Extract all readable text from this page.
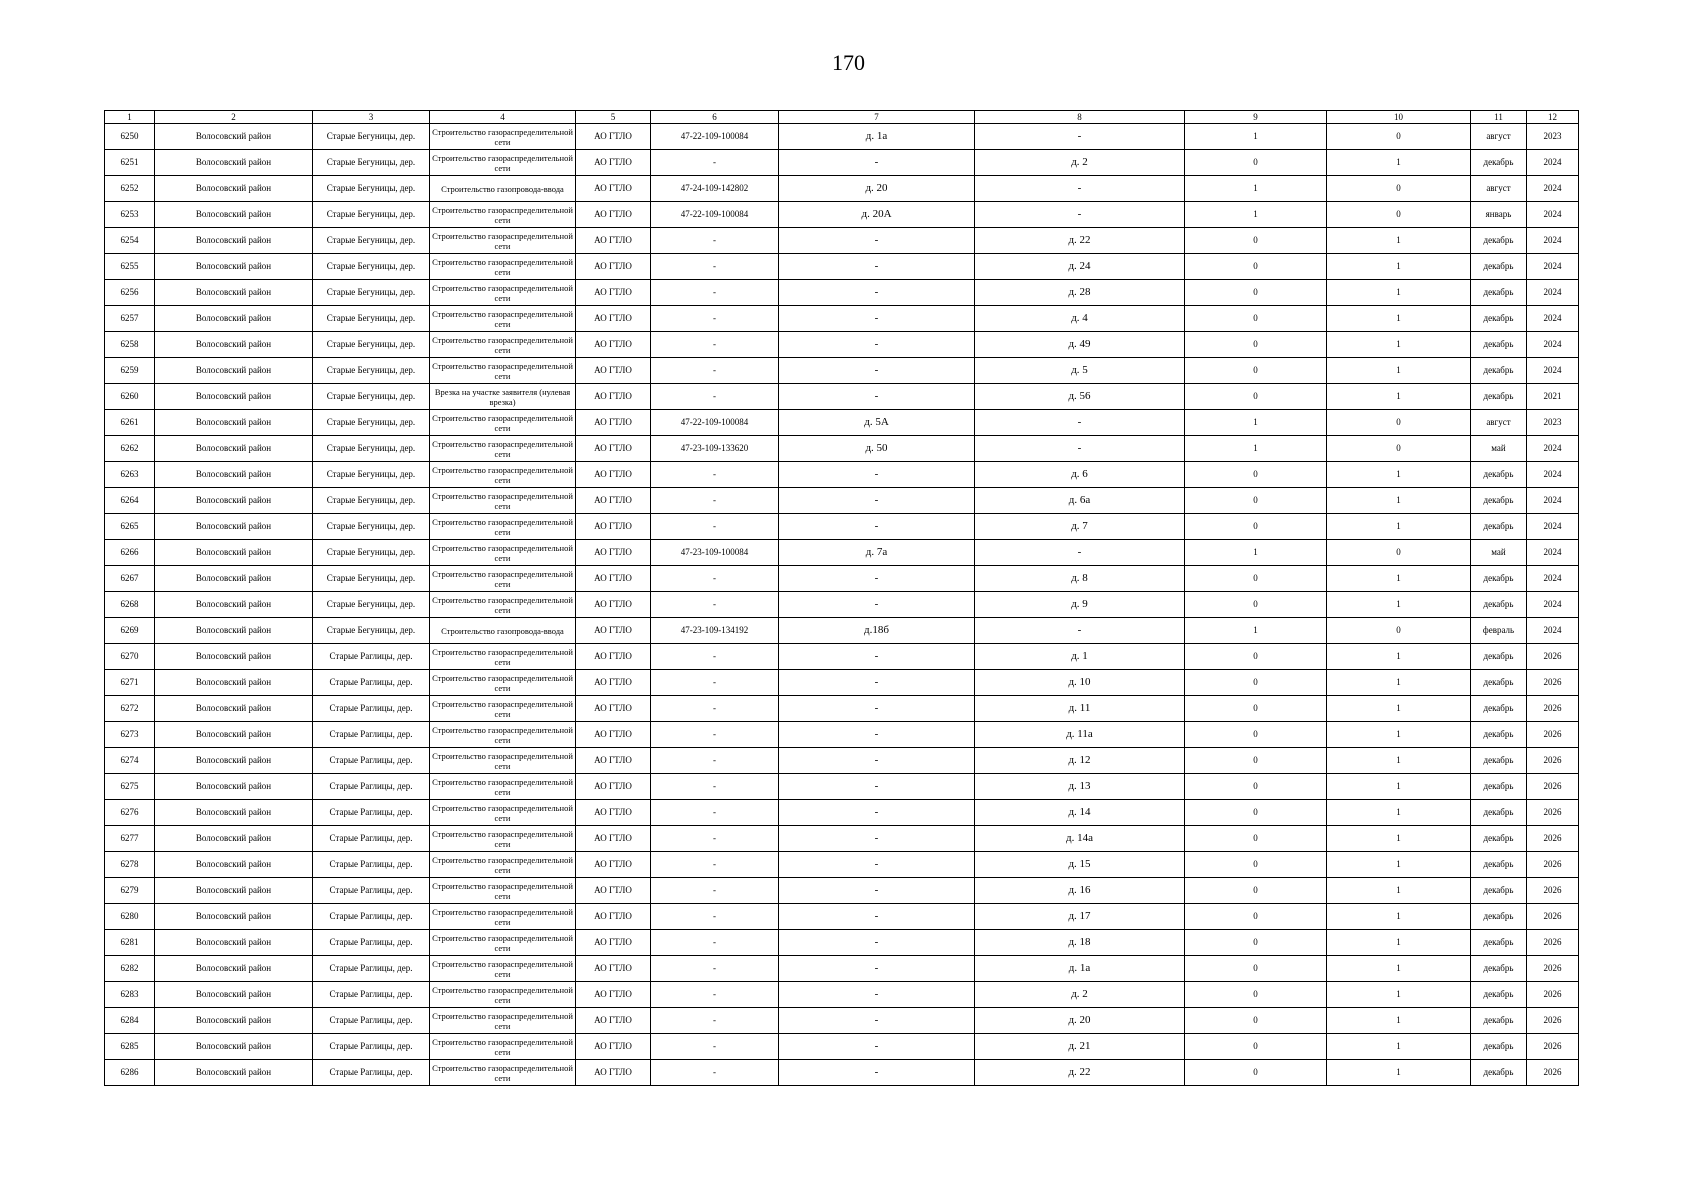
170
1	2	3	4	5	6	7	8	9	10	11	12
6250	Волосовский район	Старые Бегуницы, дер.	Строительство газораспределительной сети	АО ГТЛО	47-22-109-100084	д. 1а	-	1	0	август	2023
6251	Волосовский район	Старые Бегуницы, дер.	Строительство газораспределительной сети	АО ГТЛО	-	-	д. 2	0	1	декабрь	2024
6252	Волосовский район	Старые Бегуницы, дер.	Строительство газопровода-ввода	АО ГТЛО	47-24-109-142802	д. 20	-	1	0	август	2024
6253	Волосовский район	Старые Бегуницы, дер.	Строительство газораспределительной сети	АО ГТЛО	47-22-109-100084	д. 20А	-	1	0	январь	2024
6254	Волосовский район	Старые Бегуницы, дер.	Строительство газораспределительной сети	АО ГТЛО	-	-	д. 22	0	1	декабрь	2024
6255	Волосовский район	Старые Бегуницы, дер.	Строительство газораспределительной сети	АО ГТЛО	-	-	д. 24	0	1	декабрь	2024
6256	Волосовский район	Старые Бегуницы, дер.	Строительство газораспределительной сети	АО ГТЛО	-	-	д. 28	0	1	декабрь	2024
6257	Волосовский район	Старые Бегуницы, дер.	Строительство газораспределительной сети	АО ГТЛО	-	-	д. 4	0	1	декабрь	2024
6258	Волосовский район	Старые Бегуницы, дер.	Строительство газораспределительной сети	АО ГТЛО	-	-	д. 49	0	1	декабрь	2024
6259	Волосовский район	Старые Бегуницы, дер.	Строительство газораспределительной сети	АО ГТЛО	-	-	д. 5	0	1	декабрь	2024
6260	Волосовский район	Старые Бегуницы, дер.	Врезка на участке заявителя (нулевая врезка)	АО ГТЛО	-	-	д. 56	0	1	декабрь	2021
6261	Волосовский район	Старые Бегуницы, дер.	Строительство газораспределительной сети	АО ГТЛО	47-22-109-100084	д. 5А	-	1	0	август	2023
6262	Волосовский район	Старые Бегуницы, дер.	Строительство газораспределительной сети	АО ГТЛО	47-23-109-133620	д. 50	-	1	0	май	2024
6263	Волосовский район	Старые Бегуницы, дер.	Строительство газораспределительной сети	АО ГТЛО	-	-	д. 6	0	1	декабрь	2024
6264	Волосовский район	Старые Бегуницы, дер.	Строительство газораспределительной сети	АО ГТЛО	-	-	д. 6а	0	1	декабрь	2024
6265	Волосовский район	Старые Бегуницы, дер.	Строительство газораспределительной сети	АО ГТЛО	-	-	д. 7	0	1	декабрь	2024
6266	Волосовский район	Старые Бегуницы, дер.	Строительство газораспределительной сети	АО ГТЛО	47-23-109-100084	д. 7а	-	1	0	май	2024
6267	Волосовский район	Старые Бегуницы, дер.	Строительство газораспределительной сети	АО ГТЛО	-	-	д. 8	0	1	декабрь	2024
6268	Волосовский район	Старые Бегуницы, дер.	Строительство газораспределительной сети	АО ГТЛО	-	-	д. 9	0	1	декабрь	2024
6269	Волосовский район	Старые Бегуницы, дер.	Строительство газопровода-ввода	АО ГТЛО	47-23-109-134192	д.18б	-	1	0	февраль	2024
6270	Волосовский район	Старые Раглицы, дер.	Строительство газораспределительной сети	АО ГТЛО	-	-	д. 1	0	1	декабрь	2026
6271	Волосовский район	Старые Раглицы, дер.	Строительство газораспределительной сети	АО ГТЛО	-	-	д. 10	0	1	декабрь	2026
6272	Волосовский район	Старые Раглицы, дер.	Строительство газораспределительной сети	АО ГТЛО	-	-	д. 11	0	1	декабрь	2026
6273	Волосовский район	Старые Раглицы, дер.	Строительство газораспределительной сети	АО ГТЛО	-	-	д. 11а	0	1	декабрь	2026
6274	Волосовский район	Старые Раглицы, дер.	Строительство газораспределительной сети	АО ГТЛО	-	-	д. 12	0	1	декабрь	2026
6275	Волосовский район	Старые Раглицы, дер.	Строительство газораспределительной сети	АО ГТЛО	-	-	д. 13	0	1	декабрь	2026
6276	Волосовский район	Старые Раглицы, дер.	Строительство газораспределительной сети	АО ГТЛО	-	-	д. 14	0	1	декабрь	2026
6277	Волосовский район	Старые Раглицы, дер.	Строительство газораспределительной сети	АО ГТЛО	-	-	д. 14а	0	1	декабрь	2026
6278	Волосовский район	Старые Раглицы, дер.	Строительство газораспределительной сети	АО ГТЛО	-	-	д. 15	0	1	декабрь	2026
6279	Волосовский район	Старые Раглицы, дер.	Строительство газораспределительной сети	АО ГТЛО	-	-	д. 16	0	1	декабрь	2026
6280	Волосовский район	Старые Раглицы, дер.	Строительство газораспределительной сети	АО ГТЛО	-	-	д. 17	0	1	декабрь	2026
6281	Волосовский район	Старые Раглицы, дер.	Строительство газораспределительной сети	АО ГТЛО	-	-	д. 18	0	1	декабрь	2026
6282	Волосовский район	Старые Раглицы, дер.	Строительство газораспределительной сети	АО ГТЛО	-	-	д. 1а	0	1	декабрь	2026
6283	Волосовский район	Старые Раглицы, дер.	Строительство газораспределительной сети	АО ГТЛО	-	-	д. 2	0	1	декабрь	2026
6284	Волосовский район	Старые Раглицы, дер.	Строительство газораспределительной сети	АО ГТЛО	-	-	д. 20	0	1	декабрь	2026
6285	Волосовский район	Старые Раглицы, дер.	Строительство газораспределительной сети	АО ГТЛО	-	-	д. 21	0	1	декабрь	2026
6286	Волосовский район	Старые Раглицы, дер.	Строительство газораспределительной сети	АО ГТЛО	-	-	д. 22	0	1	декабрь	2026
